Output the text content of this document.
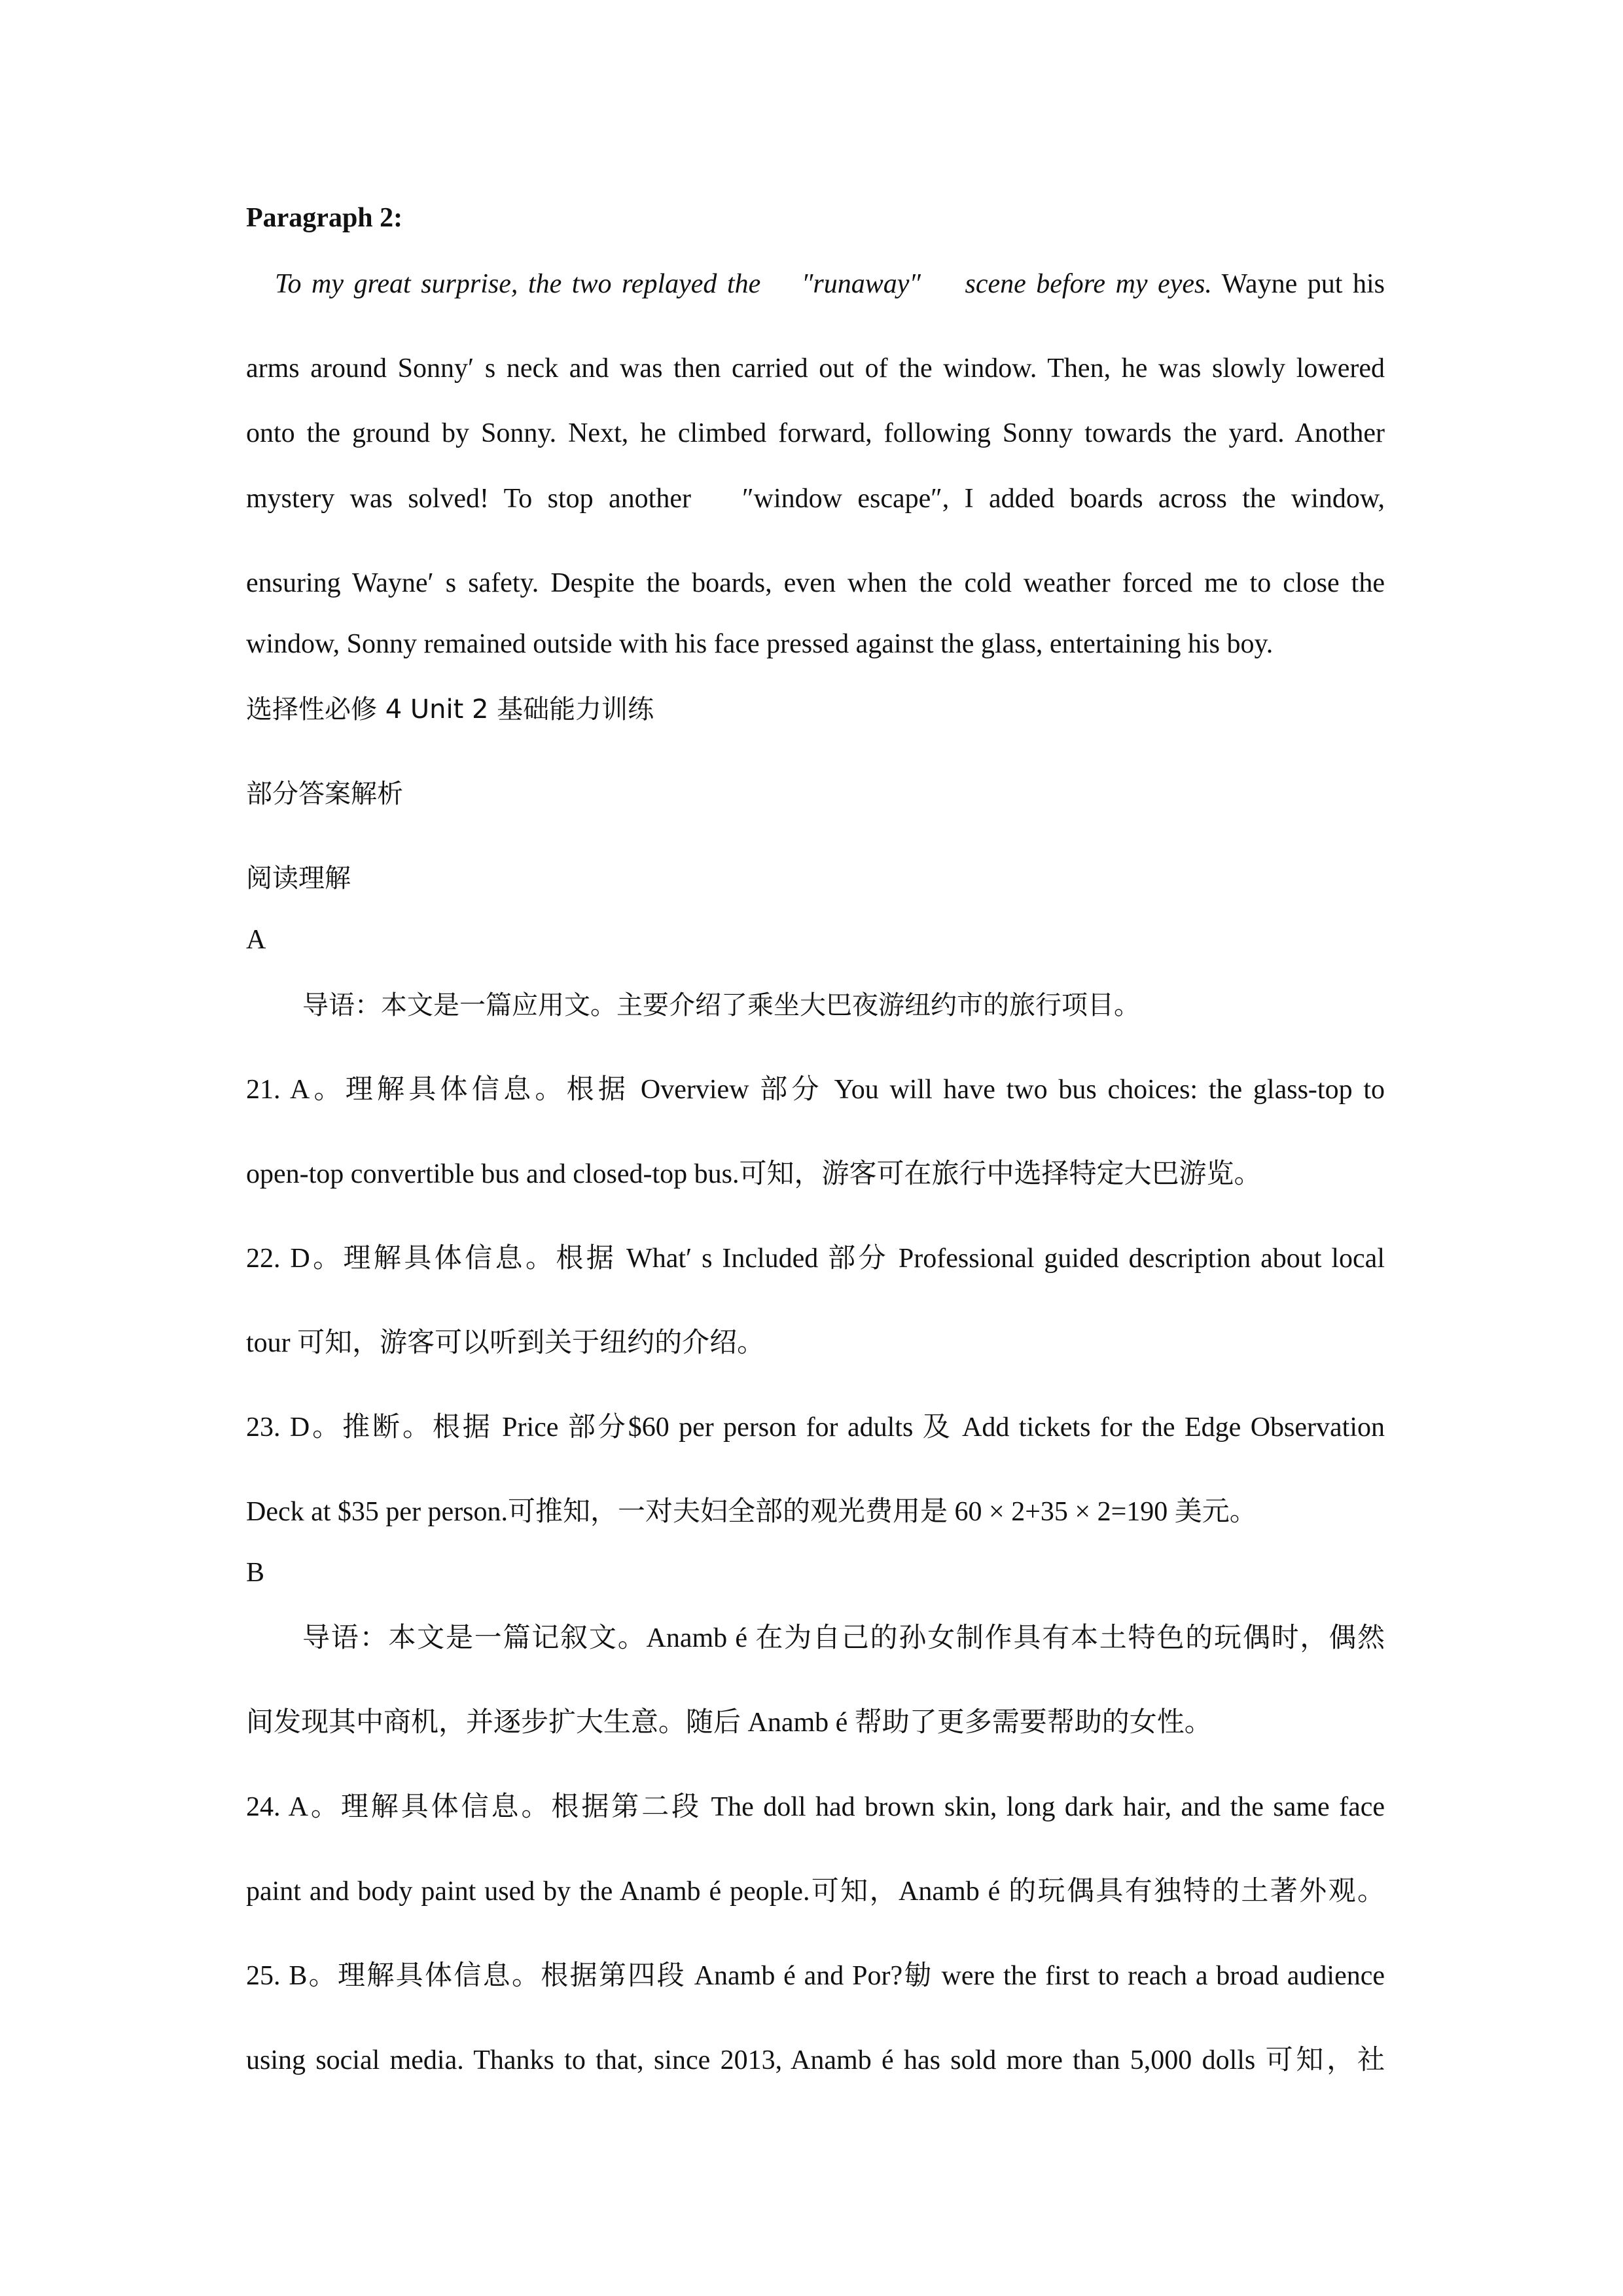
Paragraph 2:
To my great surprise, the two replayed the 　″runaway″　 scene before my eyes. Wayne put his
arms around Sonny′ s neck and was then carried out of the window. Then, he was slowly lowered
onto the ground by Sonny. Next, he climbed forward, following Sonny towards the yard. Another
mystery was solved! To stop another 　″window escape″, I added boards across the window,
ensuring Wayne′ s safety. Despite the boards, even when the cold weather forced me to close the
window, Sonny remained outside with his face pressed against the glass, entertaining his boy.
选择性必修 4 Unit 2 基础能力训练
部分答案解析
阅读理解
A
导语：本文是一篇应用文。主要介绍了乘坐大巴夜游纽约市的旅行项目。
21. A。理解具体信息。根据 Overview 部分 You will have two bus choices: the glass-top to
open-top convertible bus and closed-top bus.可知，游客可在旅行中选择特定大巴游览。
22. D。理解具体信息。根据 What′ s Included 部分 Professional guided description about local
tour 可知，游客可以听到关于纽约的介绍。
23. D。推断。根据 Price 部分$60 per person for adults 及 Add tickets for the Edge Observation
Deck at $35 per person.可推知，一对夫妇全部的观光费用是 60 × 2+35 × 2=190 美元。
B
导语：本文是一篇记叙文。Anamb é 在为自己的孙女制作具有本土特色的玩偶时，偶然
间发现其中商机，并逐步扩大生意。随后 Anamb é 帮助了更多需要帮助的女性。
24. A。理解具体信息。根据第二段 The doll had brown skin, long dark hair, and the same face
paint and body paint used by the Anamb é people.可知，Anamb é 的玩偶具有独特的土著外观。
25. B。理解具体信息。根据第四段 Anamb é and Por?勄 were the first to reach a broad audience
using social media. Thanks to that, since 2013, Anamb é has sold more than 5,000 dolls 可知，社
